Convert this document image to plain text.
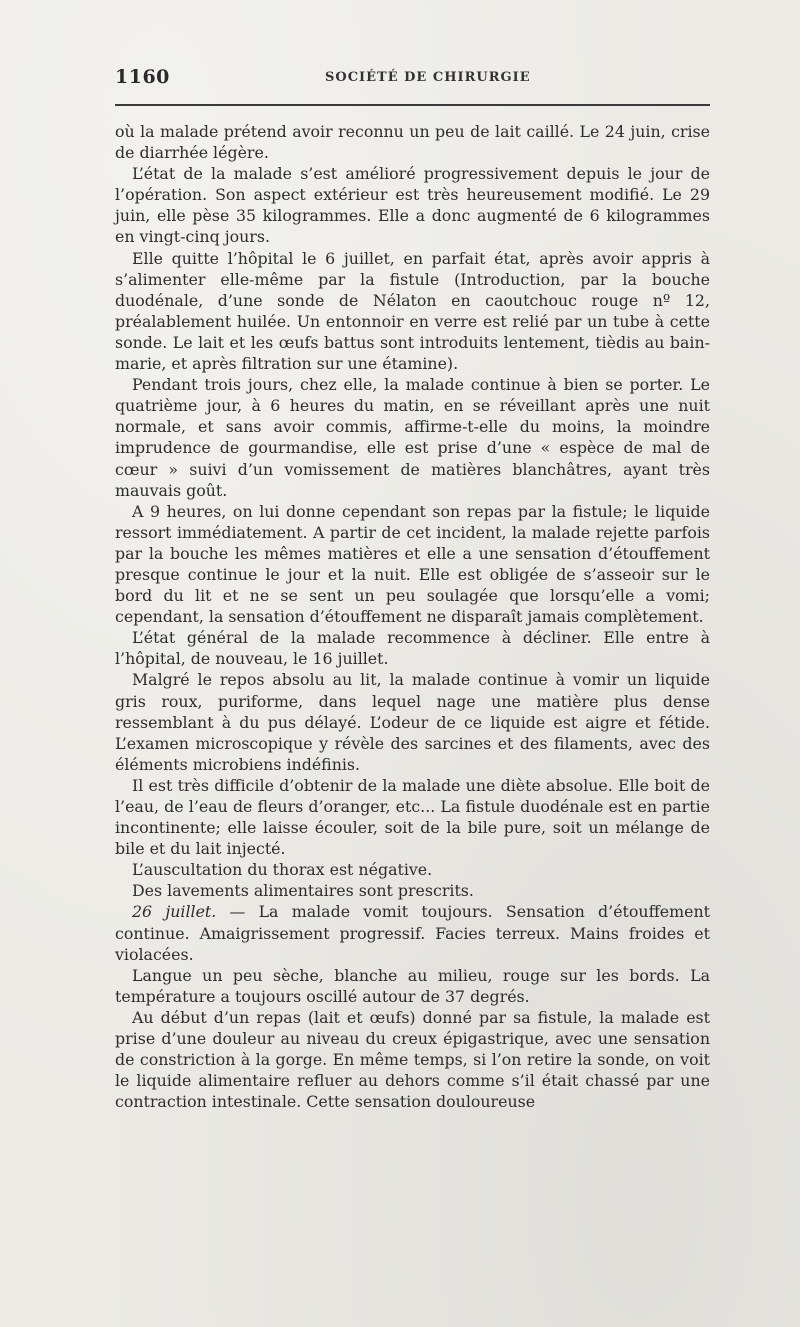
1160	SOCIÉTÉ DE CHIRURGIE

où la malade prétend avoir reconnu un peu de lait caillé. Le 24 juin, crise de diarrhée légère.

L’état de la malade s’est amélioré progressivement depuis le jour de l’opération. Son aspect extérieur est très heureusement modifié. Le 29 juin, elle pèse 35 kilogrammes. Elle a donc augmenté de 6 kilogrammes en vingt-cinq jours.

Elle quitte l’hôpital le 6 juillet, en parfait état, après avoir appris à s’alimenter elle-même par la fistule (Introduction, par la bouche duodénale, d’une sonde de Nélaton en caoutchouc rouge nº 12, préalablement huilée. Un entonnoir en verre est relié par un tube à cette sonde. Le lait et les œufs battus sont introduits lentement, tièdis au bain-marie, et après filtration sur une étamine).

Pendant trois jours, chez elle, la malade continue à bien se porter. Le quatrième jour, à 6 heures du matin, en se réveillant après une nuit normale, et sans avoir commis, affirme-t-elle du moins, la moindre imprudence de gourmandise, elle est prise d’une « espèce de mal de cœur » suivi d’un vomissement de matières blanchâtres, ayant très mauvais goût.

A 9 heures, on lui donne cependant son repas par la fistule; le liquide ressort immédiatement. A partir de cet incident, la malade rejette parfois par la bouche les mêmes matières et elle a une sensation d’étouffement presque continue le jour et la nuit. Elle est obligée de s’asseoir sur le bord du lit et ne se sent un peu soulagée que lorsqu’elle a vomi; cependant, la sensation d’étouffement ne disparaît jamais complètement.

L’état général de la malade recommence à décliner. Elle entre à l’hôpital, de nouveau, le 16 juillet.

Malgré le repos absolu au lit, la malade continue à vomir un liquide gris roux, puriforme, dans lequel nage une matière plus dense ressemblant à du pus délayé. L’odeur de ce liquide est aigre et fétide. L’examen microscopique y révèle des sarcines et des filaments, avec des éléments microbiens indéfinis.

Il est très difficile d’obtenir de la malade une diète absolue. Elle boit de l’eau, de l’eau de fleurs d’oranger, etc... La fistule duodénale est en partie incontinente; elle laisse écouler, soit de la bile pure, soit un mélange de bile et du lait injecté.

L’auscultation du thorax est négative.

Des lavements alimentaires sont prescrits.

26 juillet. — La malade vomit toujours. Sensation d’étouffement continue. Amaigrissement progressif. Facies terreux. Mains froides et violacées.

Langue un peu sèche, blanche au milieu, rouge sur les bords. La température a toujours oscillé autour de 37 degrés.

Au début d’un repas (lait et œufs) donné par sa fistule, la malade est prise d’une douleur au niveau du creux épigastrique, avec une sensation de constriction à la gorge. En même temps, si l’on retire la sonde, on voit le liquide alimentaire refluer au dehors comme s’il était chassé par une contraction intestinale. Cette sensation douloureuse
